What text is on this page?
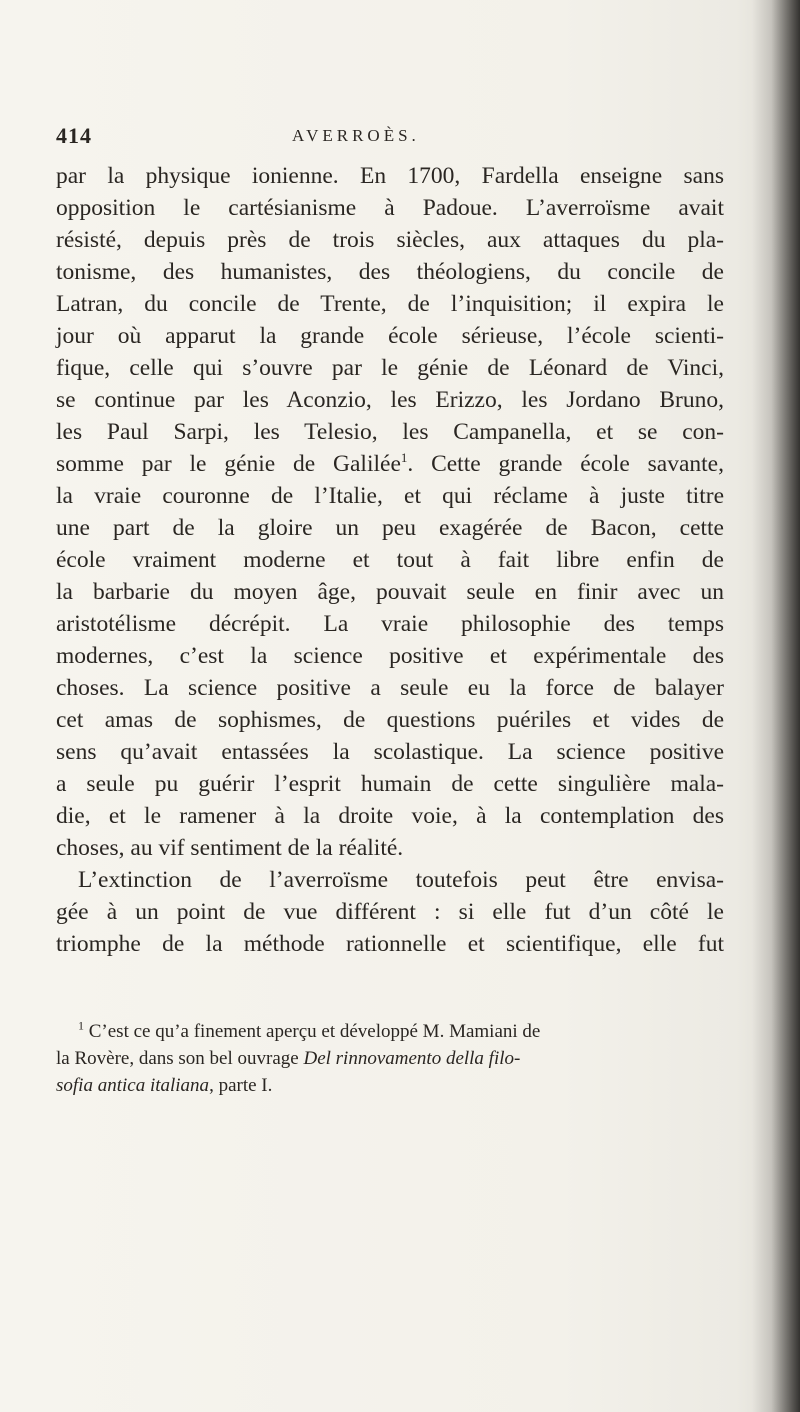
414	AVERROÈS.
par la physique ionienne. En 1700, Fardella enseigne sans
opposition le cartésianisme à Padoue. L’averroïsme avait
résisté, depuis près de trois siècles, aux attaques du pla-
tonisme, des humanistes, des théologiens, du concile de
Latran, du concile de Trente, de l’inquisition; il expira le
jour où apparut la grande école sérieuse, l’école scienti-
fique, celle qui s’ouvre par le génie de Léonard de Vinci,
se continue par les Aconzio, les Erizzo, les Jordano Bruno,
les Paul Sarpi, les Telesio, les Campanella, et se con-
somme par le génie de Galilée$^1$. Cette grande école savante,
la vraie couronne de l’Italie, et qui réclame à juste titre
une part de la gloire un peu exagérée de Bacon, cette
école vraiment moderne et tout à fait libre enfin de
la barbarie du moyen âge, pouvait seule en finir avec un
aristotélisme décrépit. La vraie philosophie des temps
modernes, c’est la science positive et expérimentale des
choses. La science positive a seule eu la force de balayer
cet amas de sophismes, de questions puériles et vides de
sens qu’avait entassées la scolastique. La science positive
a seule pu guérir l’esprit humain de cette singulière mala-
die, et le ramener à la droite voie, à la contemplation des
choses, au vif sentiment de la réalité.
L’extinction de l’averroïsme toutefois peut être envisa-
gée à un point de vue différent : si elle fut d’un côté le
triomphe de la méthode rationnelle et scientifique, elle fut
$^1$ C’est ce qu’a finement aperçu et développé M. Mamiani de
la Rovère, dans son bel ouvrage Del rinnovamento della filo-
sofia antica italiana, parte I.
